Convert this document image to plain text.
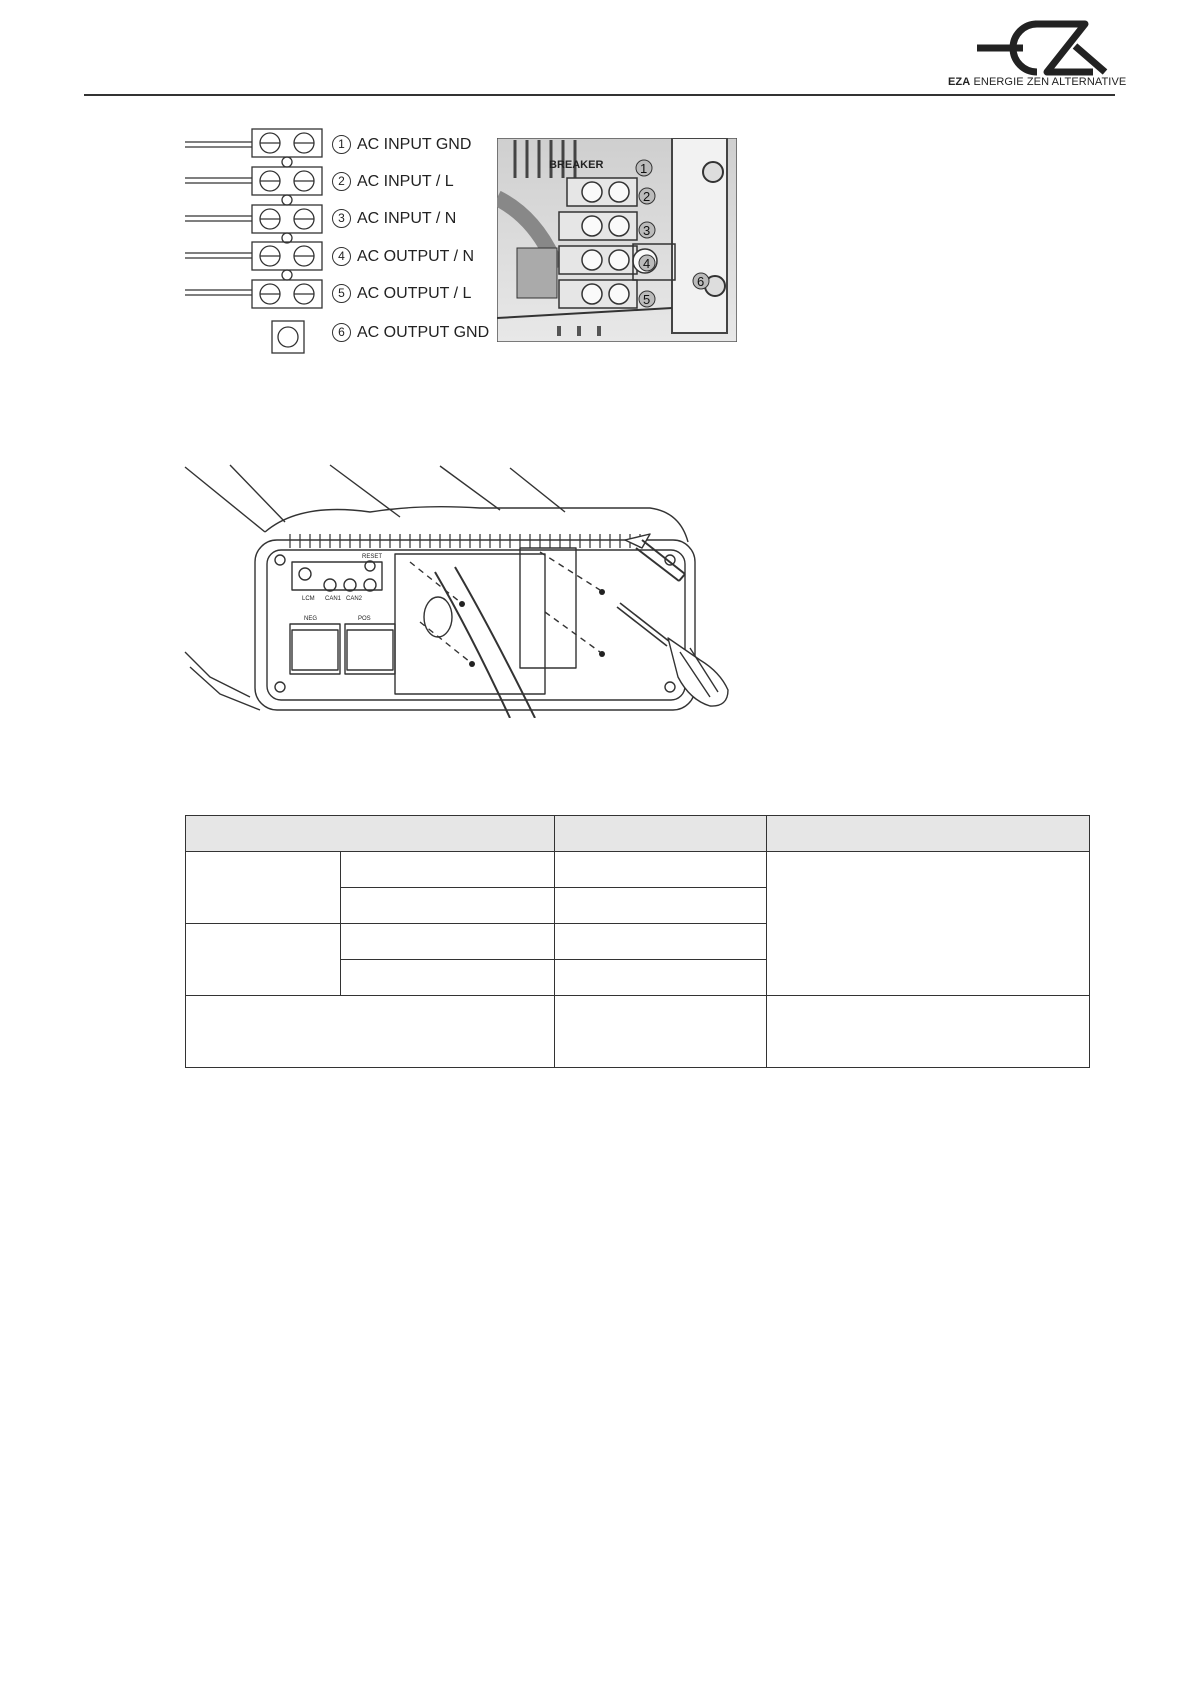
EZA ENERGIE ZEN ALTERNATIVE
1 AC INPUT GND
2 AC INPUT / L
3 AC INPUT / N
4 AC OUTPUT / N
5 AC OUTPUT / L
6 AC OUTPUT GND
BREAKER	1
2
3
4
5
6
RESET
LCM CAN1 CAN2
NEG	POS
